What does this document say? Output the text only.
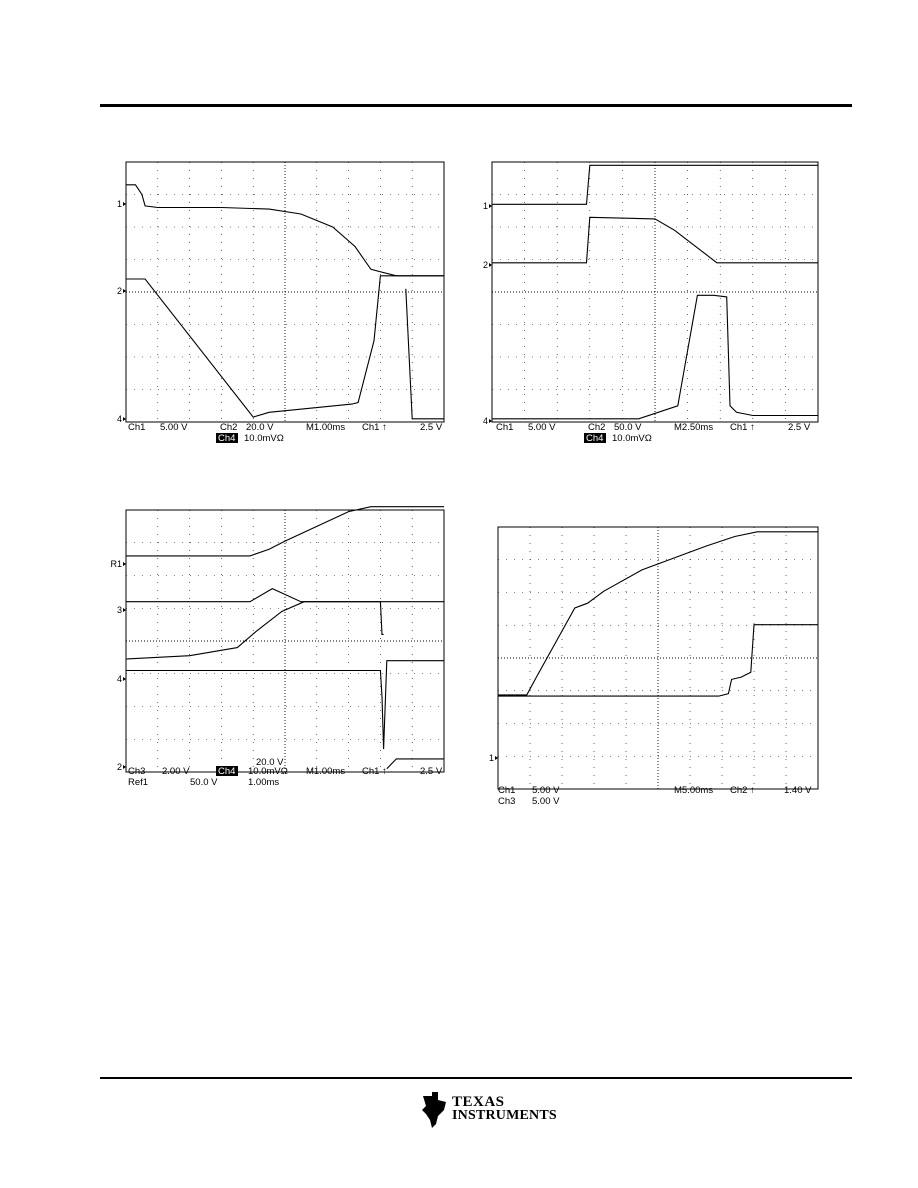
1
2
4
Ch1 5.00 V	Ch2 20.0 V	M1.00ms Ch1 ↑	2.5 V
Ch4 10.0mVΩ
1
2
4
Ch1 5.00 V	Ch2 50.0 V	M2.50ms Ch1 ↑	2.5 V
Ch4 10.0mVΩ
R1
3
4
2 Ch3 2.00 V	10.0mVΩ M1.00ms Ch1 ↑	2.5 V
Ch4
20.0 V
Ref1	50.0 V	1.00ms
1
Ch1 5.00 V	M5.00ms Ch2 ↑	1.40 V
Ch3 5.00 V
TEXAS
INSTRUMENTS
